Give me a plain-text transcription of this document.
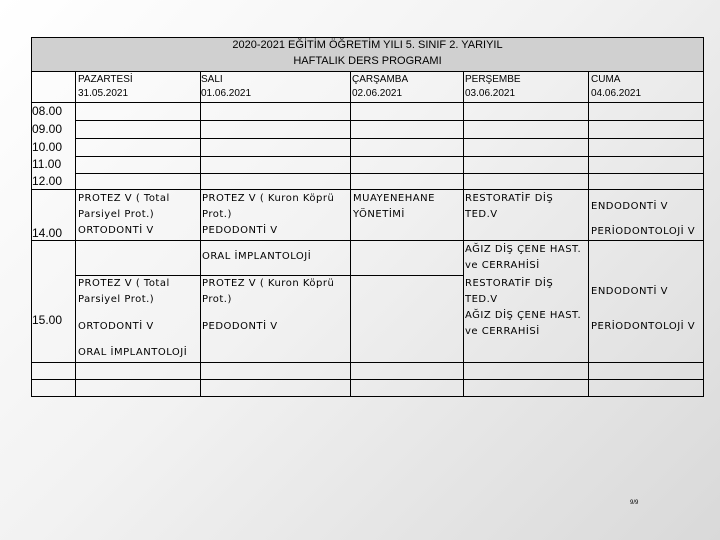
2020-2021 EĞİTİM ÖĞRETİM YILI 5. SINIF 2. YARIYIL
HAFTALIK DERS PROGRAMI
PAZARTESİ
31.05.2021
SALI
01.06.2021
ÇARŞAMBA
02.06.2021
PERŞEMBE
03.06.2021
CUMA
04.06.2021
08.00
09.00
10.00
11.00
12.00
14.00
15.00
PROTEZ V ( Total
Parsiyel Prot.)
ORTODONTİ V
PROTEZ V ( Kuron Köprü
Prot.)
PEDODONTİ V
ORAL İMPLANTOLOJİ
MUAYENEHANE
YÖNETİMİ
RESTORATİF DİŞ
TED.V
AĞIZ DİŞ ÇENE HAST.
ve CERRAHİSİ
ENDODONTİ V
PERİODONTOLOJİ V
PROTEZ V ( Total
Parsiyel Prot.)
ORTODONTİ V
ORAL İMPLANTOLOJİ
PROTEZ V ( Kuron Köprü
Prot.)
PEDODONTİ V
RESTORATİF DİŞ
TED.V
AĞIZ DİŞ ÇENE HAST.
ve CERRAHİSİ
ENDODONTİ V
PERİODONTOLOJİ V
9/9
